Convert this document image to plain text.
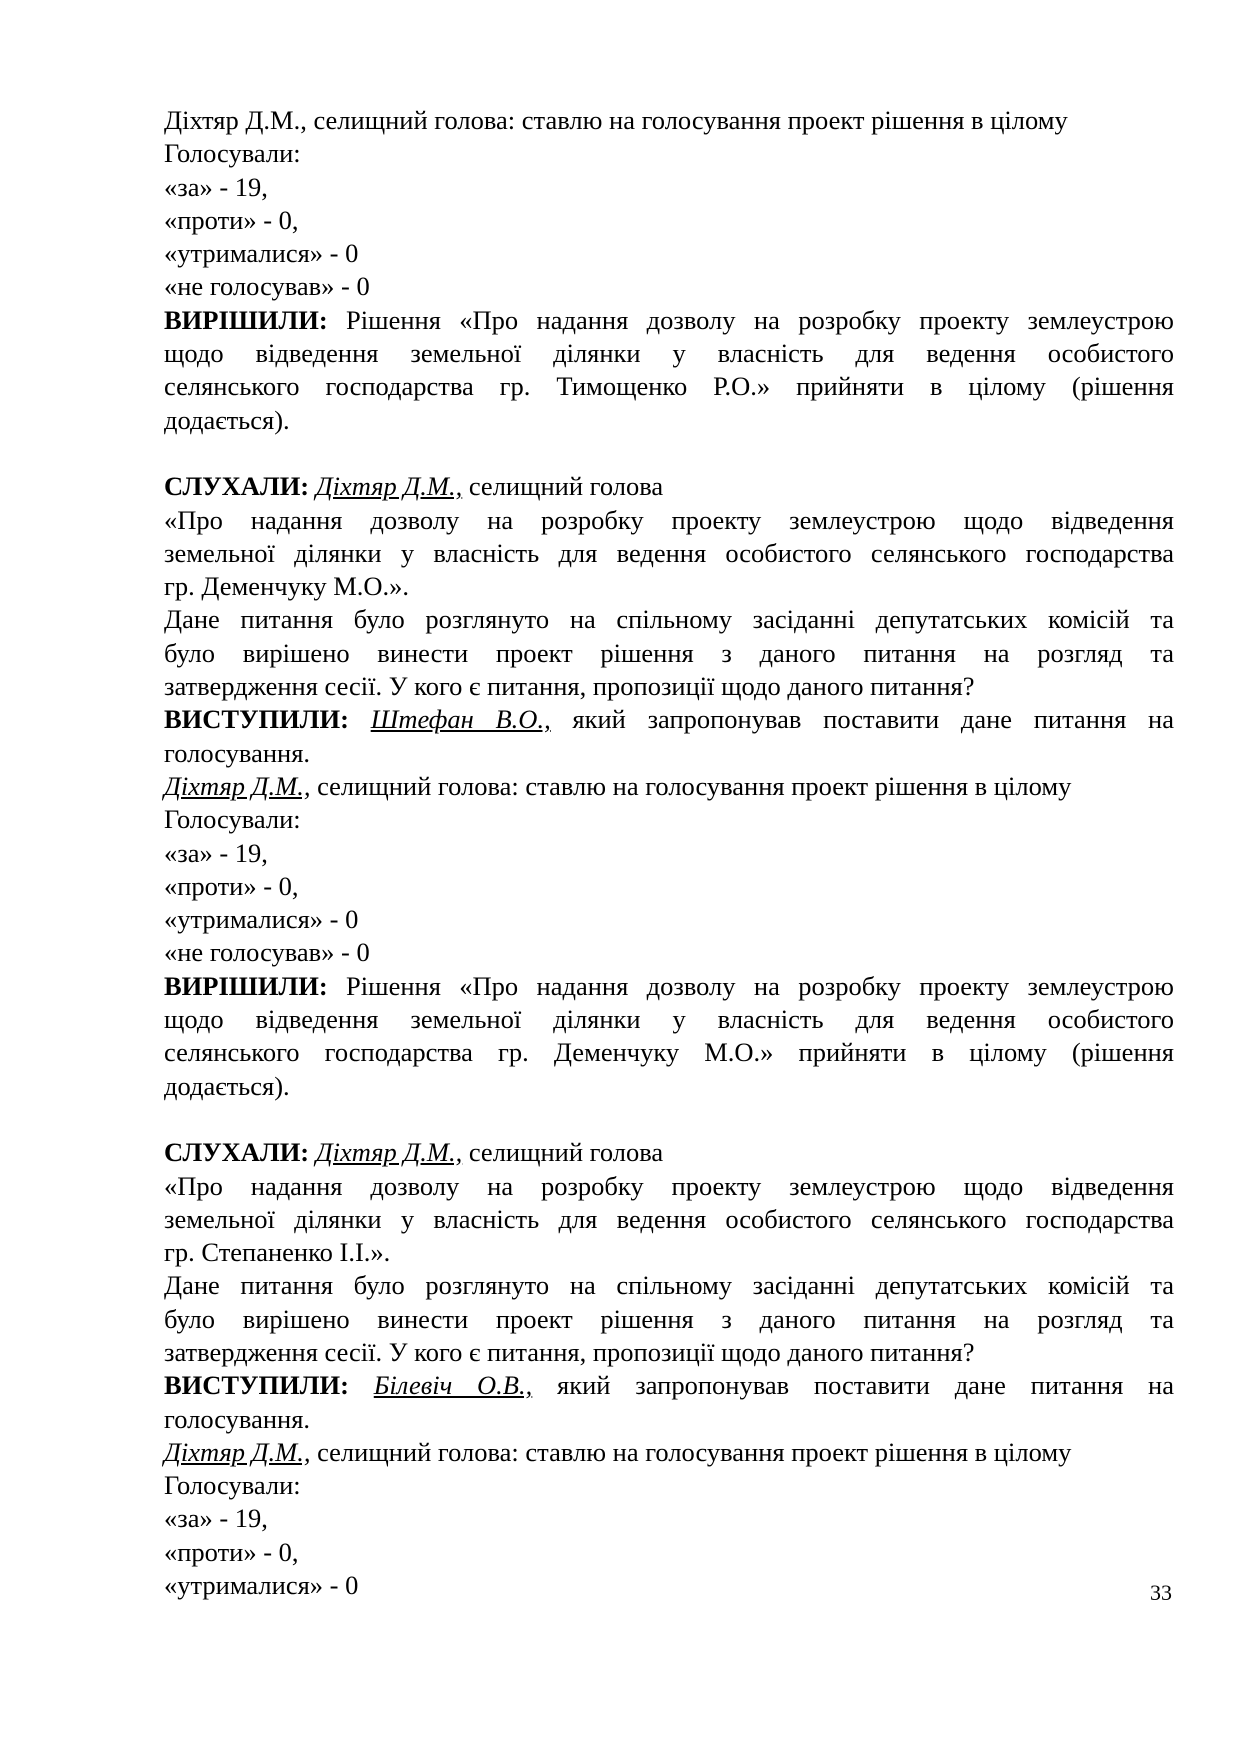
Діхтяр Д.М., селищний голова: ставлю на голосування проект рішення в цілому
Голосували:
«за» - 19,
«проти» - 0,
«утрималися» - 0
«не голосував» - 0
ВИРІШИЛИ: Рішення «Про надання дозволу на розробку проекту землеустрою
щодо відведення земельної ділянки у власність для ведення особистого
селянського господарства гр. Тимощенко Р.О.» прийняти в цілому (рішення
додається).
СЛУХАЛИ: Діхтяр Д.М., селищний голова
«Про надання дозволу на розробку проекту землеустрою щодо відведення
земельної ділянки у власність для ведення особистого селянського господарства
гр. Деменчуку М.О.».
Дане питання було розглянуто на спільному засіданні депутатських комісій та
було вирішено винести проект рішення з даного питання на розгляд та
затвердження сесії. У кого є питання, пропозиції щодо даного питання?
ВИСТУПИЛИ: Штефан В.О., який запропонував поставити дане питання на
голосування.
Діхтяр Д.М., селищний голова: ставлю на голосування проект рішення в цілому
Голосували:
«за» - 19,
«проти» - 0,
«утрималися» - 0
«не голосував» - 0
ВИРІШИЛИ: Рішення «Про надання дозволу на розробку проекту землеустрою
щодо відведення земельної ділянки у власність для ведення особистого
селянського господарства гр. Деменчуку М.О.» прийняти в цілому (рішення
додається).
СЛУХАЛИ: Діхтяр Д.М., селищний голова
«Про надання дозволу на розробку проекту землеустрою щодо відведення
земельної ділянки у власність для ведення особистого селянського господарства
гр. Степаненко І.І.».
Дане питання було розглянуто на спільному засіданні депутатських комісій та
було вирішено винести проект рішення з даного питання на розгляд та
затвердження сесії. У кого є питання, пропозиції щодо даного питання?
ВИСТУПИЛИ: Білевіч О.В., який запропонував поставити дане питання на
голосування.
Діхтяр Д.М., селищний голова: ставлю на голосування проект рішення в цілому
Голосували:
«за» - 19,
«проти» - 0,
«утрималися» - 0	33
